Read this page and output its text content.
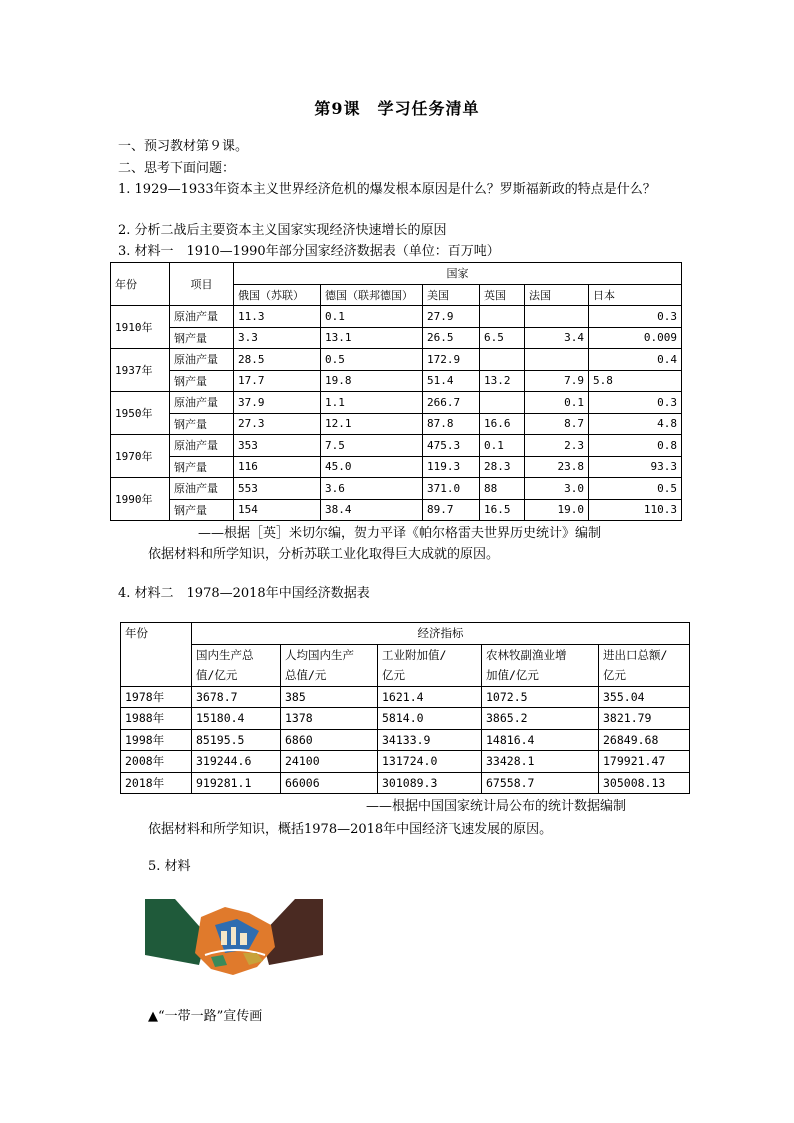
第9课　学习任务清单
一、预习教材第９课。
二、思考下面问题：
1. 1929—1933年资本主义世界经济危机的爆发根本原因是什么？罗斯福新政的特点是什么？
2. 分析二战后主要资本主义国家实现经济快速增长的原因
3. 材料一　1910—1990年部分国家经济数据表（单位：百万吨）
年份	项目	国家					
		俄国（苏联）	德国（联邦德国）	美国	英国	法国	日本
1910年	原油产量	11.3	0.1	27.9			0.3
	钢产量	3.3	13.1	26.5	6.5	3.4	0.009
1937年	原油产量	28.5	0.5	172.9			0.4
	钢产量	17.7	19.8	51.4	13.2	7.9	5.8
1950年	原油产量	37.9	1.1	266.7		0.1	0.3
	钢产量	27.3	12.1	87.8	16.6	8.7	4.8
1970年	原油产量	353	7.5	475.3	0.1	2.3	0.8
	钢产量	116	45.0	119.3	28.3	23.8	93.3
1990年	原油产量	553	3.6	371.0	88	3.0	0.5
	钢产量	154	38.4	89.7	16.5	19.0	110.3
——根据［英］米切尔编，贺力平译《帕尔格雷夫世界历史统计》编制
依据材料和所学知识，分析苏联工业化取得巨大成就的原因。
4. 材料二　1978—2018年中国经济数据表
年份	经济指标				
	国内生产总	人均国内生产	工业附加值/	农林牧副渔业增	进出口总额/
	值/亿元	总值/元	亿元	加值/亿元	亿元
1978年	3678.7	385	1621.4	1072.5	355.04
1988年	15180.4	1378	5814.0	3865.2	3821.79
1998年	85195.5	6860	34133.9	14816.4	26849.68
2008年	319244.6	24100	131724.0	33428.1	179921.47
2018年	919281.1	66006	301089.3	67558.7	305008.13
——根据中国国家统计局公布的统计数据编制
依据材料和所学知识，概括1978—2018年中国经济飞速发展的原因。
5. 材料
▲“一带一路”宣传画
